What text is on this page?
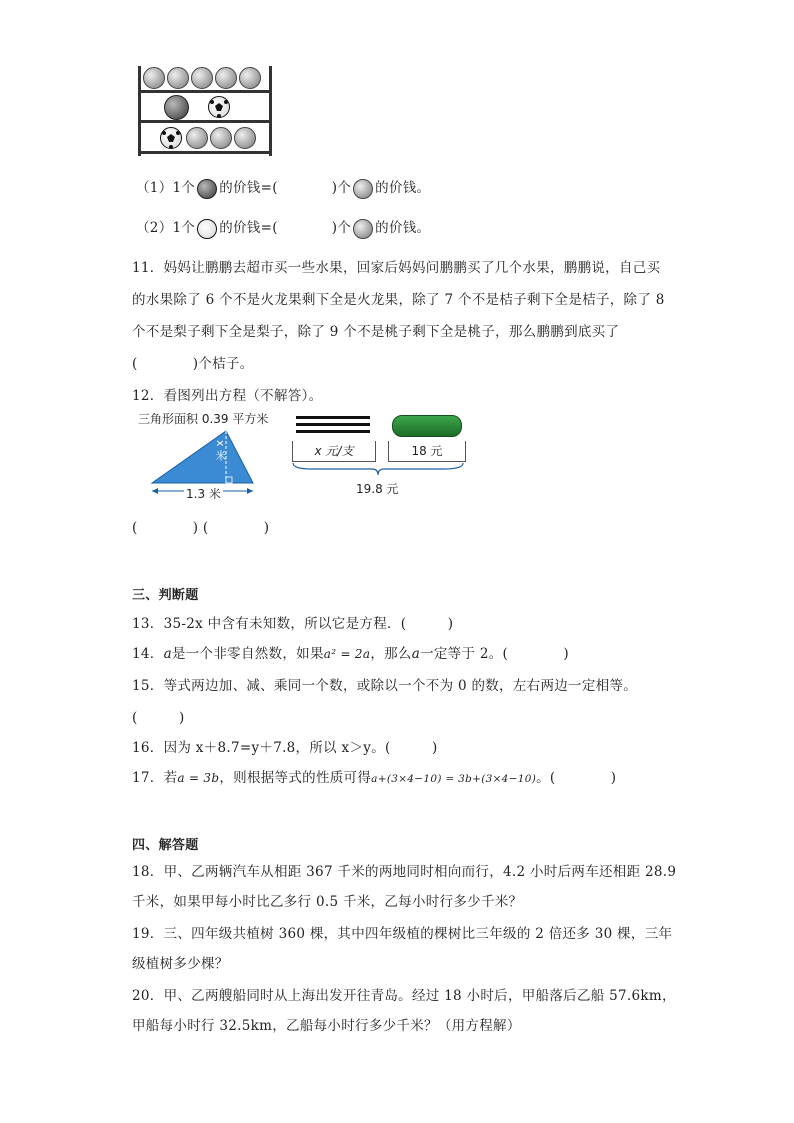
（1）1个 的价钱=(	)个 的价钱。
（2）1个 的价钱=(	)个 的价钱。
11．妈妈让鹏鹏去超市买一些水果，回家后妈妈问鹏鹏买了几个水果，鹏鹏说，自己买
的水果除了 6 个不是火龙果剩下全是火龙果，除了 7 个不是桔子剩下全是桔子，除了 8
个不是梨子剩下全是梨子，除了 9 个不是桃子剩下全是桃子，那么鹏鹏到底买了
(　　　　)个桔子。
12．看图列出方程（不解答）。
三角形面积 0.39 平方米
x 米
1.3 米
x 元/支	18 元
19.8 元
(　　　　) (　　　　)
三、判断题
13．35-2x 中含有未知数，所以它是方程．(　　　)
14．a是一个非零自然数，如果a² = 2a，那么a一定等于 2。(　　　　)
15．等式两边加、减、乘同一个数，或除以一个不为 0 的数，左右两边一定相等。
(　　　)
16．因为 x＋8.7=y＋7.8，所以 x＞y。(　　　)
17．若a = 3b，则根据等式的性质可得a+(3×4−10) = 3b+(3×4−10)。(　　　　)
四、解答题
18．甲、乙两辆汽车从相距 367 千米的两地同时相向而行，4.2 小时后两车还相距 28.9
千米，如果甲每小时比乙多行 0.5 千米，乙每小时行多少千米？
19．三、四年级共植树 360 棵，其中四年级植的棵树比三年级的 2 倍还多 30 棵，三年
级植树多少棵？
20．甲、乙两艘船同时从上海出发开往青岛。经过 18 小时后，甲船落后乙船 57.6km，
甲船每小时行 32.5km，乙船每小时行多少千米？（用方程解）
